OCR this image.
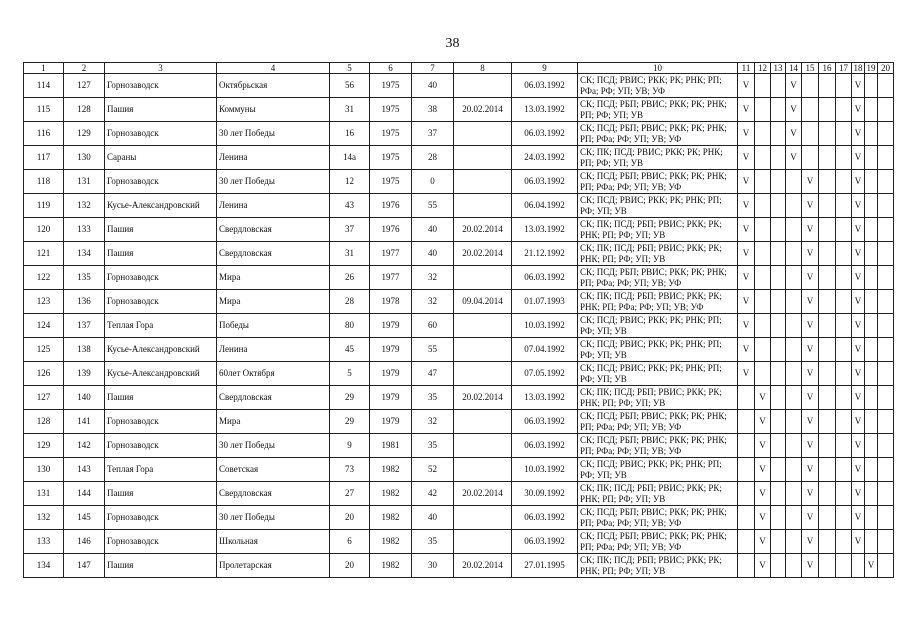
38
1	2	3	4	5	6	7	8	9	10	11	12	13	14	15	16	17	18	19	20
114	127	Горнозаводск	Октябрьская	56	1975	40		06.03.1992	СК; ПСД; РВИС; РКК; РК; РНК; РП; РФа; РФ; УП; УВ; УФ	V			V				V		
115	128	Пашия	Коммуны	31	1975	38	20.02.2014	13.03.1992	СК; ПСД; РБП; РВИС; РКК; РК; РНК; РП; РФ; УП; УВ	V			V				V		
116	129	Горнозаводск	30 лет Победы	16	1975	37		06.03.1992	СК; ПСД; РБП; РВИС; РКК; РК; РНК; РП; РФа; РФ; УП; УВ; УФ	V			V				V		
117	130	Сараны	Ленина	14а	1975	28		24.03.1992	СК; ПК; ПСД; РВИС; РКК; РК; РНК; РП; РФ; УП; УВ	V			V				V		
118	131	Горнозаводск	30 лет Победы	12	1975	0		06.03.1992	СК; ПСД; РБП; РВИС; РКК; РК; РНК; РП; РФа; РФ; УП; УВ; УФ	V				V			V		
119	132	Кусье-Александровский	Ленина	43	1976	55		06.04.1992	СК; ПСД; РВИС; РКК; РК; РНК; РП; РФ; УП; УВ	V				V			V		
120	133	Пашия	Свердловская	37	1976	40	20.02.2014	13.03.1992	СК; ПК; ПСД; РБП; РВИС; РКК; РК; РНК; РП; РФ; УП; УВ	V				V			V		
121	134	Пашия	Свердловская	31	1977	40	20.02.2014	21.12.1992	СК; ПК; ПСД; РБП; РВИС; РКК; РК; РНК; РП; РФ; УП; УВ	V				V			V		
122	135	Горнозаводск	Мира	26	1977	32		06.03.1992	СК; ПСД; РБП; РВИС; РКК; РК; РНК; РП; РФа; РФ; УП; УВ; УФ	V				V			V		
123	136	Горнозаводск	Мира	28	1978	32	09.04.2014	01.07.1993	СК; ПК; ПСД; РБП; РВИС; РКК; РК; РНК; РП; РФа; РФ; УП; УВ; УФ	V				V			V		
124	137	Теплая Гора	Победы	80	1979	60		10.03.1992	СК; ПСД; РВИС; РКК; РК; РНК; РП; РФ; УП; УВ	V				V			V		
125	138	Кусье-Александровский	Ленина	45	1979	55		07.04.1992	СК; ПСД; РВИС; РКК; РК; РНК; РП; РФ; УП; УВ	V				V			V		
126	139	Кусье-Александровский	60лет Октября	5	1979	47		07.05.1992	СК; ПСД; РВИС; РКК; РК; РНК; РП; РФ; УП; УВ	V				V			V		
127	140	Пашия	Свердловская	29	1979	35	20.02.2014	13.03.1992	СК; ПК; ПСД; РБП; РВИС; РКК; РК; РНК; РП; РФ; УП; УВ		V			V			V		
128	141	Горнозаводск	Мира	29	1979	32		06.03.1992	СК; ПСД; РБП; РВИС; РКК; РК; РНК; РП; РФа; РФ; УП; УВ; УФ		V			V			V		
129	142	Горнозаводск	30 лет Победы	9	1981	35		06.03.1992	СК; ПСД; РБП; РВИС; РКК; РК; РНК; РП; РФа; РФ; УП; УВ; УФ		V			V			V		
130	143	Теплая Гора	Советская	73	1982	52		10.03.1992	СК; ПСД; РВИС; РКК; РК; РНК; РП; РФ; УП; УВ		V			V			V		
131	144	Пашия	Свердловская	27	1982	42	20.02.2014	30.09.1992	СК; ПК; ПСД; РБП; РВИС; РКК; РК; РНК; РП; РФ; УП; УВ		V			V			V		
132	145	Горнозаводск	30 лет Победы	20	1982	40		06.03.1992	СК; ПСД; РБП; РВИС; РКК; РК; РНК; РП; РФа; РФ; УП; УВ; УФ		V			V			V		
133	146	Горнозаводск	Школьная	6	1982	35		06.03.1992	СК; ПСД; РБП; РВИС; РКК; РК; РНК; РП; РФа; РФ; УП; УВ; УФ		V			V			V		
134	147	Пашия	Пролетарская	20	1982	30	20.02.2014	27.01.1995	СК; ПК; ПСД; РБП; РВИС; РКК; РК; РНК; РП; РФ; УП; УВ		V			V				V	
